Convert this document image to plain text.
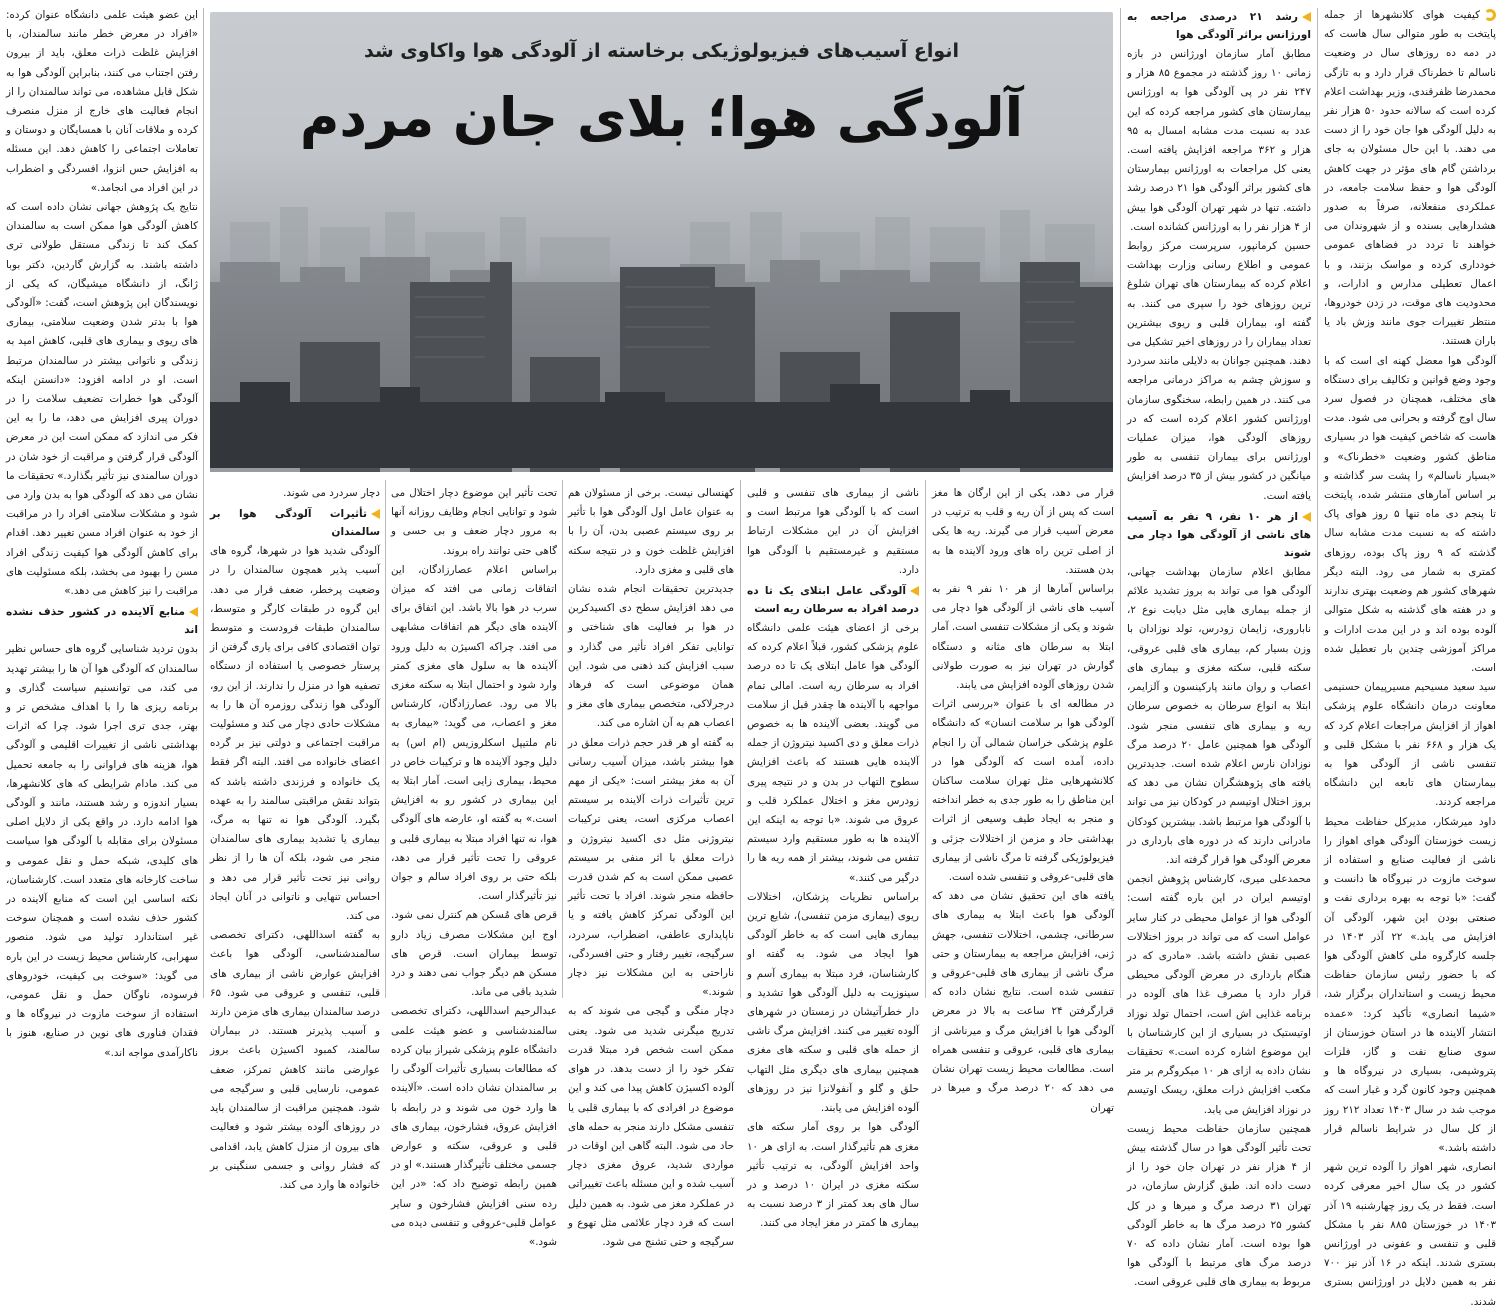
انواع آسیب‌های فیزیولوژیکی برخاسته از آلودگی هوا واکاوی شد
آلودگی هوا؛ بلای جان مردم

کیفیت هوای کلانشهرها از جمله پایتخت به طور متوالی سال هاست که در دمه ده روزهای سال در وضعیت ناسالم تا خطرناک قرار دارد و به تازگی محمدرضا ظفرقندی، وزیر بهداشت اعلام کرده است که سالانه حدود ۵۰ هزار نفر به دلیل آلودگی هوا جان خود را از دست می دهند. با این حال مسئولان به جای برداشتن گام های مؤثر در جهت کاهش آلودگی هوا و حفظ سلامت جامعه، در عملکردی منفعلانه، صرفاً به صدور هشدارهایی بسنده و از شهروندان می خواهند تا تردد در فضاهای عمومی خودداری کرده و مواسک بزنند، و با اعمال تعطیلی مدارس و ادارات، و محدودیت های موقت، در زدن خودروها، منتظر تغییرات جوی مانند وزش باد یا باران هستند.

آلودگی هوا معضل کهنه ای است که با وجود وضع قوانین و تکالیف برای دستگاه های مختلف، همچنان در فصول سرد سال اوج گرفته و بحرانی می شود. مدت هاست که شاخص کیفیت هوا در بسیاری مناطق کشور وضعیت «خطرناک» و «بسیار ناسالم» را پشت سر گذاشته و بر اساس آمارهای منتشر شده، پایتخت تا پنجم دی ماه تنها ۵ روز هوای پاک داشته که به نسبت مدت مشابه سال گذشته که ۹ روز پاک بوده، روزهای کمتری به شمار می رود. البته دیگر شهرهای کشور هم وضعیت بهتری ندارند و در هفته های گذشته به شکل متوالی آلوده بوده اند و در این مدت ادارات و مراکز آموزشی چندین بار تعطیل شده است.

سید سعید مسیحیم مسیرپیمان حسنیمی معاونت درمان دانشگاه علوم پزشکی اهواز از افزایش مراجعات اعلام کرد که یک هزار و ۶۶۸ نفر با مشکل قلبی و تنفسی ناشی از آلودگی هوا به بیمارستان های تابعه این دانشگاه مراجعه کردند.

داود میرشکار، مدیرکل حفاظت محیط زیست خوزستان آلودگی هوای اهواز را ناشی از فعالیت صنایع و استفاده از سوخت مازوت در نیروگاه ها دانست و گفت: «با توجه به بهره برداری نفت و صنعتی بودن این شهر، آلودگی آن افزایش می یابد.» ۲۲ آذر ۱۴۰۳ در جلسه کارگروه ملی کاهش آلودگی هوا که با حضور رئیس سازمان حفاظت محیط زیست و استانداران برگزار شد، «شیما انصاری» تأکید کرد: «عمده انتشار آلاینده ها در استان خوزستان از سوی صنایع نفت و گاز، فلزات پتروشیمی، بسیاری در نیروگاه ها و همچنین وجود کانون گرد و غبار است که موجب شد در سال ۱۴۰۳ تعداد ۲۱۲ روز از کل سال در شرایط ناسالم قرار داشته باشد.»

انصاری، شهر اهواز را آلوده ترین شهر کشور در یک سال اخیر معرفی کرده است. فقط در یک روز چهارشنبه ۱۹ آذر ۱۴۰۳ در خوزستان ۸۸۵ نفر با مشکل قلبی و تنفسی و عفونی در اورژانس بستری شدند. اینکه در ۱۶ آذر نیز ۷۰۰ نفر به همین دلایل در اورژانس بستری شدند.

رشد ۲۱ درصدی مراجعه به اورژانس براثر آلودگی هوا

مطابق آمار سازمان اورژانس در بازه زمانی ۱۰ روز گذشته در مجموع ۸۵ هزار و ۲۴۷ نفر در پی آلودگی هوا به اورژانس بیمارستان های کشور مراجعه کرده که این عدد به نسبت مدت مشابه امسال به ۹۵ هزار و ۳۶۲ مراجعه افزایش یافته است. یعنی کل مراجعات به اورژانس بیمارستان های کشور براثر آلودگی هوا ۲۱ درصد رشد داشته. تنها در شهر تهران آلودگی هوا بیش از ۴ هزار نفر را به اورژانس کشانده است.

حسین کرمانپور، سرپرست مرکز روابط عمومی و اطلاع رسانی وزارت بهداشت اعلام کرده که بیمارستان های تهران شلوغ ترین روزهای خود را سپری می کنند. به گفته او، بیماران قلبی و ریوی بیشترین تعداد بیماران را در روزهای اخیر تشکیل می دهند. همچنین جوانان به دلایلی مانند سردرد و سوزش چشم به مراکز درمانی مراجعه می کنند. در همین رابطه، سخنگوی سازمان اورژانس کشور اعلام کرده است که در روزهای آلودگی هوا، میزان عملیات اورژانس برای بیماران تنفسی به طور میانگین در کشور بیش از ۳۵ درصد افزایش یافته است.

از هر ۱۰ نفر، ۹ نفر به آسیب های ناشی از آلودگی هوا دچار می شوند

مطابق اعلام سازمان بهداشت جهانی، آلودگی هوا می تواند به بروز تشدید علائم از جمله بیماری هایی مثل دیابت نوع ۲، ناباروری، زایمان زودرس، تولد نوزادان با وزن بسیار کم، بیماری های قلبی عروقی، سکته قلبی، سکته مغزی و بیماری های اعصاب و روان مانند پارکینسون و آلزایمر، ابتلا به انواع سرطان به خصوص سرطان ریه و بیماری های تنفسی منجر شود. آلودگی هوا همچنین عامل ۲۰ درصد مرگ نوزادان نارس اعلام شده است. جدیدترین یافته های پژوهشگران نشان می دهد که بروز اختلال اوتیسم در کودکان نیز می تواند با آلودگی هوا مرتبط باشد. بیشترین کودکان مادرانی دارند که در دوره های بارداری در معرض آلودگی هوا قرار گرفته اند.

محمدعلی میری، کارشناس پژوهش انجمن اوتیسم ایران در این باره گفته است: آلودگی هوا از عوامل محیطی در کنار سایر عوامل است که می تواند در بروز اختلالات عصبی نقش داشته باشد. «مادری که در هنگام بارداری در معرض آلودگی محیطی قرار دارد یا مصرف غذا های آلوده در برنامه غذایی اش است، احتمال تولد نوزاد اوتیستیک در بسیاری از این کارشناسان با این موضوع اشاره کرده است.» تحقیقات نشان داده به ازای هر ۱۰ میکروگرم بر متر مکعب افزایش ذرات معلق، ریسک اوتیسم در نوزاد افزایش می یابد.

همچنین سازمان حفاظت محیط زیست تحت تأثیر آلودگی هوا در سال گذشته بیش از ۴ هزار نفر در تهران جان خود را از دست داده اند. طبق گزارش سازمان، در تهران ۳۱ درصد مرگ و میرها و در کل کشور ۲۵ درصد مرگ ها به خاطر آلودگی هوا بوده است. آمار نشان داده که ۷۰ درصد مرگ های مرتبط با آلودگی هوا مربوط به بیماری های قلبی عروقی است.

قرار می دهد، یکی از این ارگان ها مغز است که پس از آن ریه و قلب به ترتیب در معرض آسیب قرار می گیرند. ریه ها یکی از اصلی ترین راه های ورود آلاینده ها به بدن هستند.

براساس آمارها از هر ۱۰ نفر ۹ نفر به آسیب های ناشی از آلودگی هوا دچار می شوند و یکی از مشکلات تنفسی است. آمار ابتلا به سرطان های مثانه و دستگاه گوارش در تهران نیز به صورت طولانی شدن روزهای آلوده افزایش می یابند.

در مطالعه ای با عنوان «بررسی اثرات آلودگی هوا بر سلامت انسان» که دانشگاه علوم پزشکی خراسان شمالی آن را انجام داده، آمده است که آلودگی هوا در کلانشهرهایی مثل تهران سلامت ساکنان این مناطق را به طور جدی به خطر انداخته و منجر به ایجاد طیف وسیعی از اثرات بهداشتی حاد و مزمن از اختلالات جزئی و فیزیولوژیکی گرفته تا مرگ ناشی از بیماری های قلبی-عروقی و تنفسی شده است.

یافته های این تحقیق نشان می دهد که آلودگی هوا باعث ابتلا به بیماری های سرطانی، چشمی، اختلالات تنفسی، جهش ژنی، افزایش مراجعه به بیمارستان و حتی مرگ ناشی از بیماری های قلبی-عروقی و تنفسی شده است. نتایج نشان داده که قرارگرفتن ۲۴ ساعت به بالا در معرض آلودگی هوا با افزایش مرگ و میرناشی از بیماری های قلبی، عروقی و تنفسی همراه است. مطالعات محیط زیست تهران نشان می دهد که ۲۰ درصد مرگ و میرها در تهران

ناشی از بیماری های تنفسی و قلبی است که با آلودگی هوا مرتبط است و افزایش آن در این مشکلات ارتباط مستقیم و غیرمستقیم با آلودگی هوا دارد.

آلودگی عامل ابتلای یک تا ده درصد افراد به سرطان ریه است

برخی از اعضای هیئت علمی دانشگاه علوم پزشکی کشور، قبلاً اعلام کرده که آلودگی هوا عامل ابتلای یک تا ده درصد افراد به سرطان ریه است. امالی تمام مواجهه با آلاینده ها چقدر قبل از سلامت می گویند. بعضی آلاینده ها به خصوص ذرات معلق و دی اکسید نیتروژن از جمله آلاینده هایی هستند که باعث افزایش سطوح التهاب در بدن و در نتیجه پیری زودرس مغز و اختلال عملکرد قلب و عروق می شوند. «با توجه به اینکه این آلاینده ها به طور مستقیم وارد سیستم تنفس می شوند، بیشتر از همه ریه ها را درگیر می کنند.»

براساس نظریات پزشکان، اختلالات ریوی (بیماری مزمن تنفسی)، شایع ترین بیماری هایی است که به خاطر آلودگی هوا ایجاد می شود. به گفته او کارشناسان، فرد مبتلا به بیماری آسم و سینوزیت به دلیل آلودگی هوا تشدید و دار خطرآتیشان در زمستان در شهرهای آلوده تغییر می کنند. افزایش مرگ ناشی از حمله های قلبی و سکته های مغزی همچنین بیماری های دیگری مثل التهاب حلق و گلو و آنفولانزا نیز در روزهای آلوده افزایش می یابند.

آلودگی هوا بر روی آمار سکته های مغزی هم تأثیرگذار است. به ازای هر ۱۰ واحد افزایش آلودگی، به ترتیب تأثیر سکته مغزی در ایران ۱۰ درصد و در سال های بعد کمتر از ۳ درصد نسبت به بیماری ها کمتر در مغز ایجاد می کنند.

کهنسالی نیست. برخی از مسئولان هم به عنوان عامل اول آلودگی هوا با تأثیر بر روی سیستم عصبی بدن، آن را با افزایش غلظت خون و در نتیجه سکته های قلبی و مغزی دارد.

جدیدترین تحقیقات انجام شده نشان می دهد افزایش سطح دی اکسیدکربن در هوا بر فعالیت های شناختی و توانایی تفکر افراد تأثیر می گذارد و سبب افزایش کند ذهنی می شود. این همان موضوعی است که فرهاد درجرلاکی، متخصص بیماری های مغز و اعصاب هم به آن اشاره می کند.

به گفته او هر قدر حجم ذرات معلق در هوا بیشتر باشد، میزان آسیب رسانی آن به مغز بیشتر است: «یکی از مهم ترین تأثیرات ذرات آلاینده بر سیستم اعصاب مرکزی است، یعنی ترکیبات نیتروژنی مثل دی اکسید نیتروژن و ذرات معلق با اثر منفی بر سیستم عصبی ممکن است به کم شدن قدرت حافظه منجر شوند. افراد با تحت تأثیر این آلودگی تمرکز کاهش یافته و یا ناپایداری عاطفی، اضطراب، سردرد، سرگیجه، تغییر رفتار و حتی افسردگی، ناراحتی به این مشکلات نیز دچار شوند.»

دچار منگی و گیجی می شوند که به تدریج میگرنی شدید می شود. یعنی ممکن است شخص فرد مبتلا قدرت تفکر خود را از دست بدهد. در هوای آلوده اکسیژن کاهش پیدا می کند و این موضوع در افرادی که با بیماری قلبی یا تنفسی مشکل دارند منجر به حمله های حاد می شود. البته گاهی این اوقات در مواردی شدید، عروق مغزی دچار آسیب شده و این مسئله باعث تغییراتی در عملکرد مغز می شود. به همین دلیل است که فرد دچار علائمی مثل تهوع و سرگیجه و حتی تشنج می شود.

تحت تأثیر این موضوع دچار اختلال می شود و توانایی انجام وظایف روزانه آنها به مرور دچار ضعف و بی حسی و گاهی حتی توانند راه بروند.

براساس اعلام عصارزادگان، این اتفاقات زمانی می افتد که میزان سرب در هوا بالا باشد. این اتفاق برای آلاینده های دیگر هم اتفاقات مشابهی می افتد. چراکه اکسیژن به دلیل ورود آلاینده ها به سلول های مغزی کمتر وارد شود و احتمال ابتلا به سکته مغزی بالا می رود. عصارزادگان، کارشناس مغز و اعصاب، می گوید: «بیماری به نام ملتیپل اسکلروزیس (ام اس) به دلیل وجود آلاینده ها و ترکیبات خاص در محیط، بیماری زایی است. آمار ابتلا به این بیماری در کشور رو به افزایش است.» به گفته او، عارضه های آلودگی هوا، نه تنها افراد مبتلا به بیماری قلبی و عروقی را تحت تأثیر قرار می دهد، بلکه حتی بر روی افراد سالم و جوان نیز تأثیرگذار است.

قرص های مُسکن هم کنترل نمی شود. اوج این مشکلات مصرف زیاد دارو توسط بیماران است. قرص های مسکن هم دیگر جواب نمی دهند و درد شدید باقی می ماند.

عبدالرحیم اسداللهی، دکترای تخصصی سالمندشناسی و عضو هیئت علمی دانشگاه علوم پزشکی شیراز بیان کرده که مطالعات بسیاری تأثیرات آلودگی را بر سالمندان نشان داده است. «آلاینده ها وارد خون می شوند و در رابطه با افزایش عروق، فشارخون، بیماری های قلبی و عروقی، سکته و عوارض جسمی مختلف تأثیرگذار هستند.» او در همین رابطه توضیح داد که: «در این رده سنی افزایش فشارخون و سایر عوامل قلبی-عروقی و تنفسی دیده می شود.»

دچار سردرد می شوند.

تأثیرات آلودگی هوا بر سالمندان

آلودگی شدید هوا در شهرها، گروه های آسیب پذیر همچون سالمندان را در وضعیت پرخطر، ضعف قرار می دهد. این گروه در طبقات کارگر و متوسط، سالمندان طبقات فرودست و متوسط توان اقتصادی کافی برای یاری گرفتن از پرستار خصوصی یا استفاده از دستگاه تصفیه هوا در منزل را ندارند. از این رو، آلودگی هوا زندگی روزمره آن ها را به مشکلات حادی دچار می کند و مسئولیت مراقبت اجتماعی و دولتی نیز بر گرده اعضای خانواده می افتد. البته اگر فقط یک خانواده و فرزندی داشته باشد که بتواند نقش مراقبتی سالمند را به عهده بگیرد. آلودگی هوا نه تنها به مرگ، بیماری یا تشدید بیماری های سالمندان منجر می شود، بلکه آن ها را از نظر روانی نیز تحت تأثیر قرار می دهد و احساس تنهایی و ناتوانی در آنان ایجاد می کند.

به گفته اسداللهی، دکترای تخصصی سالمندشناسی، آلودگی هوا باعث افزایش عوارض ناشی از بیماری های قلبی، تنفسی و عروقی می شود. ۶۵ درصد سالمندان بیماری های مزمن دارند و آسیب پذیرتر هستند. در بیماران سالمند، کمبود اکسیژن باعث بروز عوارضی مانند کاهش تمرکز، ضعف عمومی، نارسایی قلبی و سرگیجه می شود. همچنین مراقبت از سالمندان باید در روزهای آلوده بیشتر شود و فعالیت های بیرون از منزل کاهش یابد، اقدامی که فشار روانی و جسمی سنگینی بر خانواده ها وارد می کند.

این عضو هیئت علمی دانشگاه عنوان کرده: «افراد در معرض خطر مانند سالمندان، با افزایش غلظت ذرات معلق، باید از بیرون رفتن اجتناب می کنند، بنابراین آلودگی هوا به شکل قابل مشاهده، می تواند سالمندان را از انجام فعالیت های خارج از منزل منصرف کرده و ملاقات آنان با همسایگان و دوستان و تعاملات اجتماعی را کاهش دهد. این مسئله به افزایش حس انزوا، افسردگی و اضطراب در این افراد می انجامد.»

نتایج یک پژوهش جهانی نشان داده است که کاهش آلودگی هوا ممکن است به سالمندان کمک کند تا زندگی مستقل طولانی تری داشته باشند. به گزارش گاردین، دکتر بوبا ژانگ، از دانشگاه میشیگان، که یکی از نویسندگان این پژوهش است، گفت: «آلودگی هوا با بدتر شدن وضعیت سلامتی، بیماری های ریوی و بیماری های قلبی، کاهش امید به زندگی و ناتوانی بیشتر در سالمندان مرتبط است. او در ادامه افزود: «دانستن اینکه آلودگی هوا خطرات تضعیف سلامت را در دوران پیری افزایش می دهد، ما را به این فکر می اندازد که ممکن است این در معرض آلودگی قرار گرفتن و مراقبت از خود شان در دوران سالمندی نیز تأثیر بگذارد.» تحقیقات ما نشان می دهد که آلودگی هوا به بدن وارد می شود و مشکلات سلامتی افراد را در مراقبت از خود به عنوان افراد مسن تغییر دهد. اقدام برای کاهش آلودگی هوا کیفیت زندگی افراد مسن را بهبود می بخشد، بلکه مسئولیت های مراقبت را نیز کاهش می دهد.»

منابع آلاینده در کشور حذف نشده اند

بدون تردید شناسایی گروه های حساس نظیر سالمندان که آلودگی هوا آن ها را بیشتر تهدید می کند، می توانسنیم سیاست گذاری و برنامه ریزی ها را با اهداف مشخص تر و بهتر، جدی تری اجرا شود. چرا که اثرات بهداشتی ناشی از تغییرات اقلیمی و آلودگی هوا، هزینه های فراوانی را به جامعه تحمیل می کند. مادام شرایطی که های کلانشهرها، بسیار اندوزه و رشد هستند، مانند و آلودگی هوا ادامه دارد. در واقع یکی از دلایل اصلی مسئولان برای مقابله با آلودگی هوا سیاست های کلیدی، شبکه حمل و نقل عمومی و ساخت کارخانه های متعدد است. کارشناسان، نکته اساسی این است که منابع آلاینده در کشور حذف نشده است و همچنان سوخت غیر استاندارد تولید می شود. منصور سهرابی، کارشناس محیط زیست در این باره می گوید: «سوخت بی کیفیت، خودروهای فرسوده، ناوگان حمل و نقل عمومی، استفاده از سوخت مازوت در نیروگاه ها و فقدان فناوری های نوین در صنایع، هنوز با ناکارآمدی مواجه اند.»
